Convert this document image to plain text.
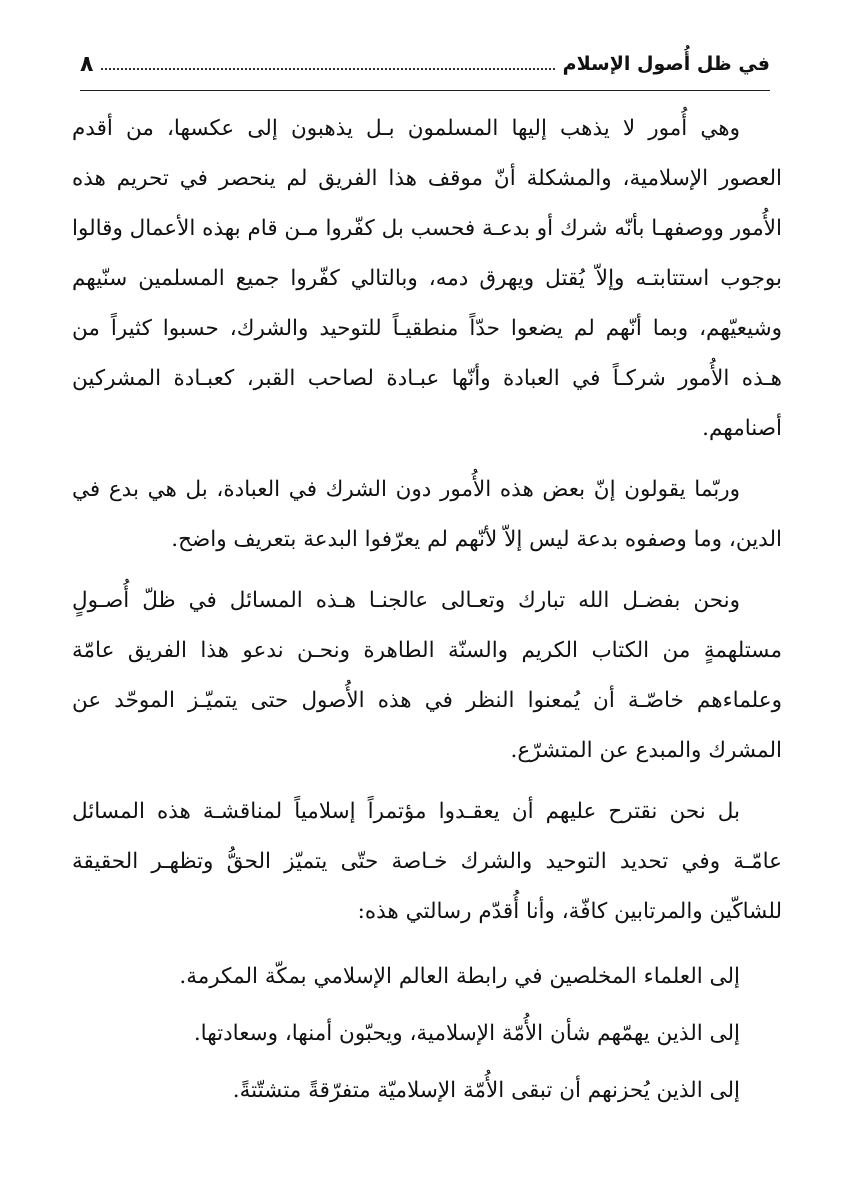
في ظل أُصول الإسلام
٨

وهي أُمور لا يذهب إليها المسلمون بـل يذهبون إلى عكسها، من أقدم العصور الإسلامية، والمشكلة أنّ موقف هذا الفريق لم ينحصر في تحريم هذه الأُمور ووصفهـا بأنّه شرك أو بدعـة فحسب بل كفّروا مـن قام بهذه الأعمال وقالوا بوجوب استتابتـه وإلاّ يُقتل ويهرق دمه، وبالتالي كفّروا جميع المسلمين سنّيهم وشيعيّهم، وبما أنّهم لم يضعوا حدّاً منطقيـاً للتوحيد والشرك، حسبوا كثيراً من هـذه الأُمور شركـاً في العبادة وأنّها عبـادة لصاحب القبر، كعبـادة المشركين أصنامهم.

وربّما يقولون إنّ بعض هذه الأُمور دون الشرك في العبادة، بل هي بدع في الدين، وما وصفوه بدعة ليس إلاّ لأنّهم لم يعرّفوا البدعة بتعريف واضح.

ونحن بفضـل الله تبارك وتعـالى عالجنـا هـذه المسائل في ظلّ أُصـولٍ مستلهمةٍ من الكتاب الكريم والسنّة الطاهرة ونحـن ندعو هذا الفريق عامّة وعلماءهم خاصّـة أن يُمعنوا النظر في هذه الأُصول حتى يتميّـز الموحّد عن المشرك والمبدع عن المتشرّع.

بل نحن نقترح عليهم أن يعقـدوا مؤتمراً إسلامياً لمناقشـة هذه المسائل عامّـة وفي تحديد التوحيد والشرك خـاصة حتّى يتميّز الحقُّ وتظهـر الحقيقة للشاكّين والمرتابين كافّة، وأنا أُقدّم رسالتي هذه:

إلى العلماء المخلصين في رابطة العالم الإسلامي بمكّة المكرمة.

إلى الذين يهمّهم شأن الأُمّة الإسلامية، ويحبّون أمنها، وسعادتها.

إلى الذين يُحزنهم أن تبقى الأُمّة الإسلاميّة متفرّقةً متشتّتةً.
